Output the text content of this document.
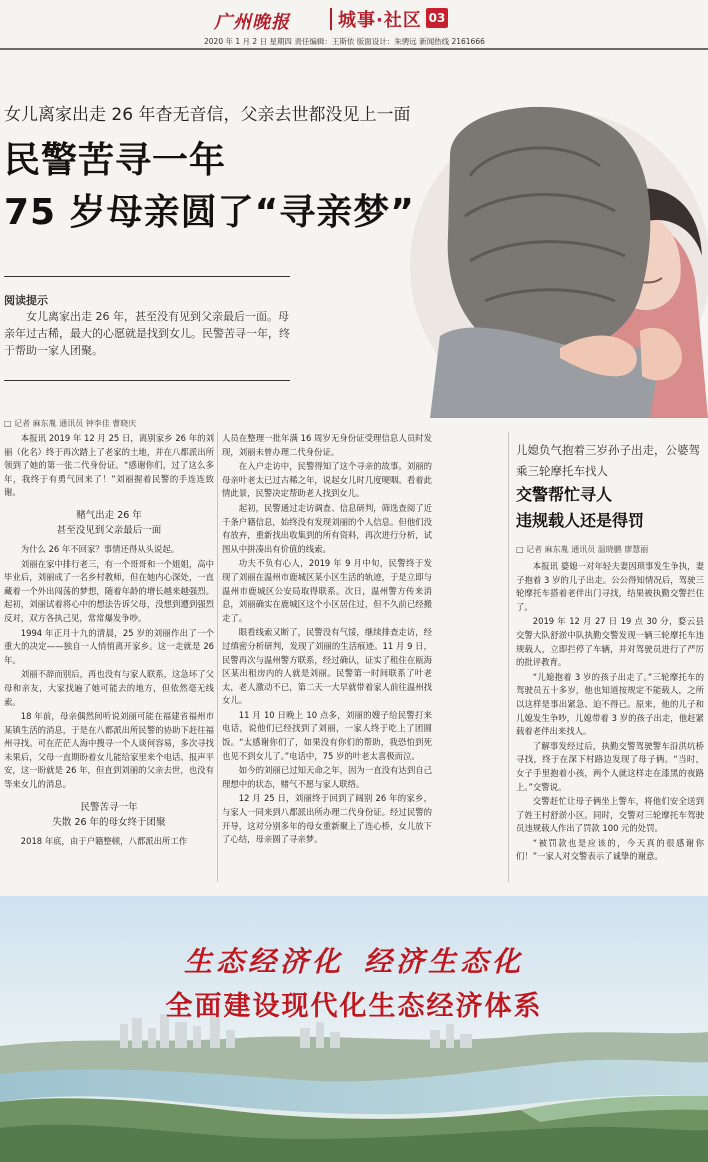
广州晚报	城事·社区 03
2020 年 1 月 2 日 星期四 责任编辑：王斯依 版面设计：朱骋远 新闻热线 2161666
女儿离家出走 26 年杳无音信，父亲去世都没见上一面
民警苦寻一年
75 岁母亲圆了“寻亲梦”
阅读提示
女儿离家出走 26 年，甚至没有见到父亲最后一面。母亲年过古稀，最大的心愿就是找到女儿。民警苦寻一年，终于帮助一家人团聚。
□ 记者 麻东胤 通讯员 钟李佳 曹晓庆

本报讯 2019 年 12 月 25 日，离别家乡 26 年的刘丽（化名）终于再次踏上了老家的土地，并在八都派出所领到了她的第一张二代身份证。“感谢你们，过了这么多年，我终于有勇气回来了！”刘丽握着民警的手连连致谢。

赌气出走 26 年
甚至没见到父亲最后一面

为什么 26 年不回家？事情还得从头说起。

刘丽在家中排行老三，有一个哥哥和一个姐姐，高中毕业后，刘丽成了一名乡村教师，但在她内心深处，一直藏着一个外出闯荡的梦想，随着年龄的增长越来越强烈。起初，刘丽试着将心中的想法告诉父母，没想到遭到强烈反对，双方各执己见，常常爆发争吵。

1994 年正月十九的清晨，25 岁的刘丽作出了一个重大的决定——独自一人悄悄离开家乡。这一走就是 26 年。

刘丽不辞而别后，再也没有与家人联系，这急坏了父母和亲友，大家找遍了她可能去的地方，但依然毫无线索。

18 年前，母亲偶然间听说刘丽可能在福建省福州市某镇生活的消息，于是在八都派出所民警的协助下赶往福州寻找。可在茫茫人海中搜寻一个人谈何容易，多次寻找未果后，父母一直期盼着女儿能给家里来个电话、报声平安，这一盼就是 26 年，但直到刘丽的父亲去世，也没有等来女儿的消息。

民警苦寻一年
失散 26 年的母女终于团聚

2018 年底，由于户籍整顿，八都派出所工作

人员在整理一批年满 16 周岁无身份证受理信息人员时发现，刘丽未曾办理二代身份证。

在入户走访中，民警得知了这个寻亲的故事。刘丽的母亲叶老太已过古稀之年，说起女儿时几度哽咽。看着此情此景，民警决定帮助老人找到女儿。

起初，民警通过走访调查、信息研判，筛选查阅了近千条户籍信息，始终没有发现刘丽的个人信息。但他们没有放弃，重新找出收集到的所有资料，再次进行分析，试图从中拼凑出有价值的线索。

功夫不负有心人，2019 年 9 月中旬，民警终于发现了刘丽在温州市鹿城区某小区生活的轨迹，于是立即与温州市鹿城区公安局取得联系。次日，温州警方传来消息，刘丽确实在鹿城区这个小区居住过，但不久前已经搬走了。

眼看线索又断了，民警没有气馁，继续排查走访，经过缜密分析研判，发现了刘丽的生活痕迹。11 月 9 日，民警再次与温州警方联系，经过确认，证实了租住在瓯海区某出租房内的人就是刘丽。民警第一时间联系了叶老太，老人激动不已，第二天一大早就带着家人前往温州找女儿。

11 月 10 日晚上 10 点多，刘丽的嫂子给民警打来电话，说他们已经找到了刘丽，一家人终于吃上了团圆饭。“太感谢你们了，如果没有你们的帮助，我恐怕到死也见不到女儿了。”电话中，75 岁的叶老太喜极而泣。

如今的刘丽已过知天命之年，因为一直没有达到自己理想中的状态，赌气不愿与家人联络。

12 月 25 日，刘丽终于回到了阔别 26 年的家乡，与家人一同来到八都派出所办理二代身份证。经过民警的开导，这对分别多年的母女重新聚上了连心桥，女儿放下了心结，母亲圆了寻亲梦。

儿媳负气抱着三岁孙子出走，公婆驾乘三轮摩托车找人
交警帮忙寻人
违规载人还是得罚
□ 记者 麻东胤 通讯员 温晓鹏 廖慧丽

本报讯 婆媳一对年轻夫妻因琐事发生争执，妻子抱着 3 岁的儿子出走。公公得知情况后，驾驶三轮摩托车搭着老伴出门寻找，结果被执勤交警拦住了。

2019 年 12 月 27 日 19 点 30 分，婺云县交警大队舒淤中队执勤交警发现一辆三轮摩托车违规载人，立即拦停了车辆，并对驾驶员进行了严厉的批评教育。

“儿媳抱着 3 岁的孩子出走了。”三轮摩托车的驾驶员五十多岁，他也知道按规定不能载人，之所以这样是事出紧急、迫不得已。原来，他的儿子和儿媳发生争吵，儿媳带着 3 岁的孩子出走，他赶紧载着老伴出来找人。

了解事发经过后，执勤交警驾驶警车沿洪坑桥寻找，终于在深下村路边发现了母子俩。“当时，女子手里抱着小孩，两个人就这样走在漆黑的夜路上。”交警说。

交警赶忙让母子俩坐上警车，将他们安全送到了姓王村舒淤小区。同时，交警对三轮摩托车驾驶员违规载人作出了罚款 100 元的处罚。

“被罚款也是应该的，今天真的很感谢你们！”一家人对交警表示了诚挚的谢意。

生态经济化 经济生态化
全面建设现代化生态经济体系
